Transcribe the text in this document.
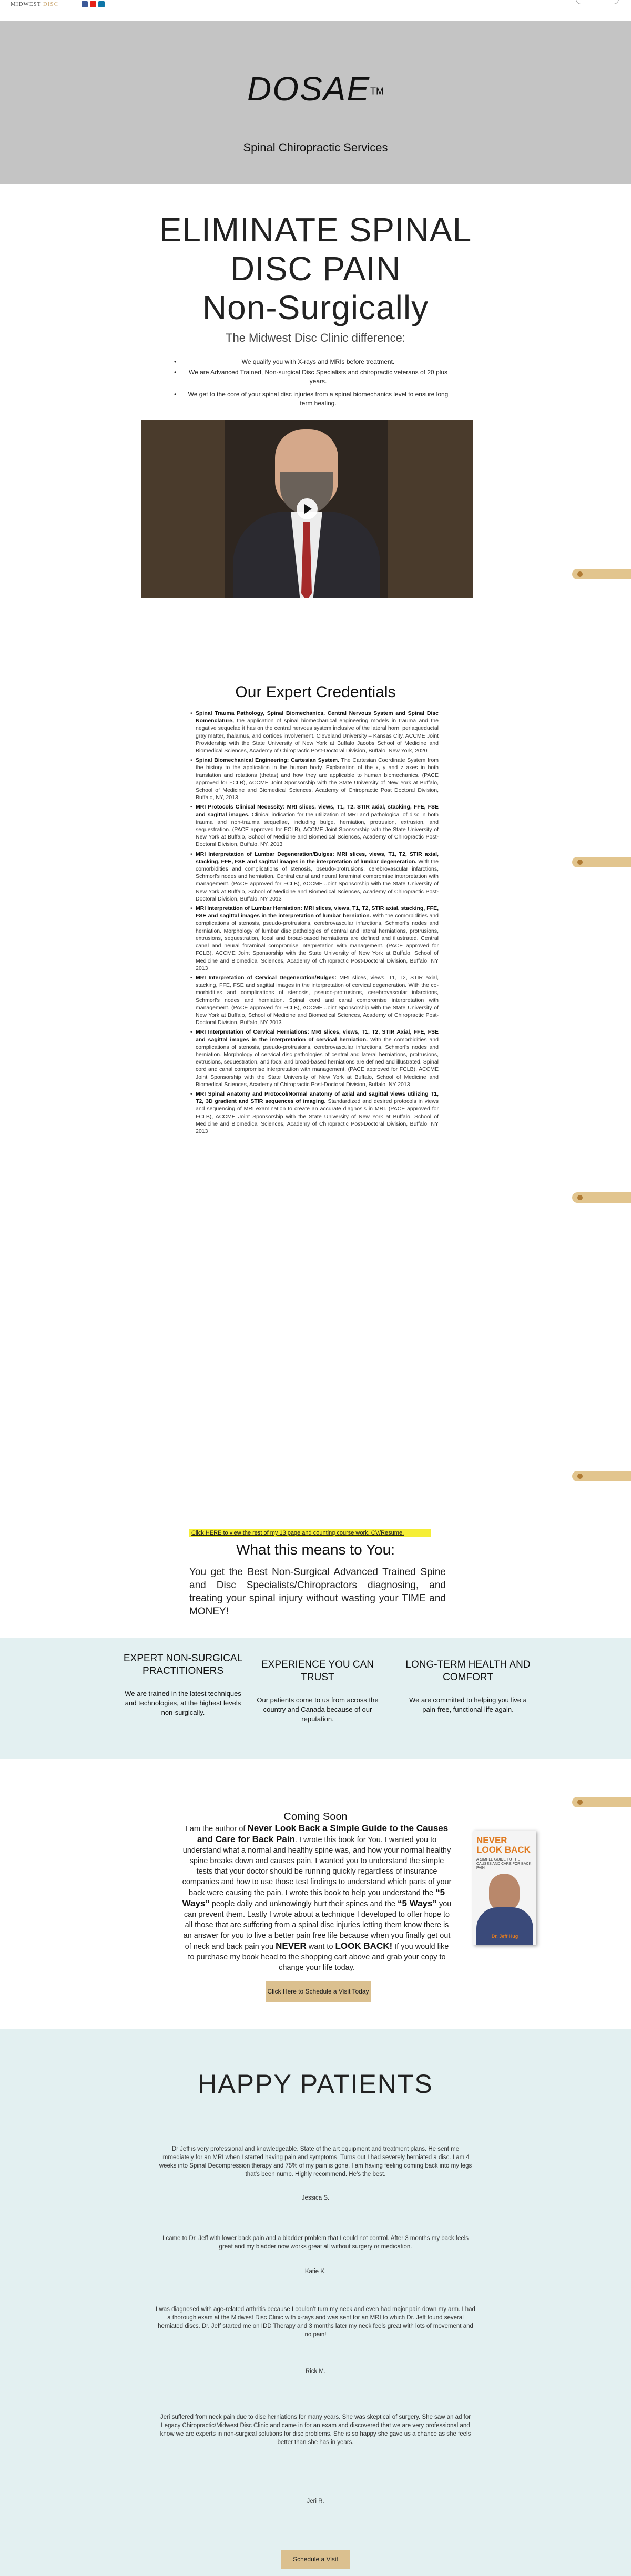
MIDWEST DISC
DOSAETM
Spinal Chiropractic Services
ELIMINATE SPINAL
DISC PAIN
Non-Surgically
The Midwest Disc Clinic difference:
• We qualify you with X-rays and MRIs before treatment.
• We are Advanced Trained, Non-surgical Disc Specialists and chiropractic veterans of 20 plus years.
• We get to the core of your spinal disc injuries from a spinal biomechanics level to ensure long term healing.
Our Expert Credentials
• Spinal Trauma Pathology, Spinal Biomechanics, Central Nervous System and Spinal Disc Nomenclature, the application of spinal biomechanical engineering models in trauma and the negative sequelae it has on the central nervous system inclusive of the lateral horn, periaqueductal gray matter, thalamus, and cortices involvement. Cleveland University – Kansas City, ACCME Joint Providership with the State University of New York at Buffalo Jacobs School of Medicine and Biomedical Sciences, Academy of Chiropractic Post-Doctoral Division, Buffalo, New York, 2020
• Spinal Biomechanical Engineering: Cartesian System. The Cartesian Coordinate System from the history to the application in the human body. Explanation of the x, y and z axes in both translation and rotations (thetas) and how they are applicable to human biomechanics. (PACE approved for FCLB), ACCME Joint Sponsorship with the State University of New York at Buffalo, School of Medicine and Biomedical Sciences, Academy of Chiropractic Post Doctoral Division, Buffalo, NY, 2013
• MRI Protocols Clinical Necessity: MRI slices, views, T1, T2, STIR axial, stacking, FFE, FSE and sagittal images. Clinical indication for the utilization of MRI and pathological of disc in both trauma and non-trauma sequellae, including bulge, herniation, protrusion, extrusion, and sequestration. (PACE approved for FCLB), ACCME Joint Sponsorship with the State University of New York at Buffalo, School of Medicine and Biomedical Sciences, Academy of Chiropractic Post-Doctoral Division, Buffalo, NY, 2013
• MRI Interpretation of Lumbar Degeneration/Bulges: MRI slices, views, T1, T2, STIR axial, stacking, FFE, FSE and sagittal images in the interpretation of lumbar degeneration. With the comorbidities and complications of stenosis, pseudo-protrusions, cerebrovascular infarctions, Schmorl’s nodes and herniation. Central canal and neural foraminal compromise interpretation with management. (PACE approved for FCLB), ACCME Joint Sponsorship with the State University of New York at Buffalo, School of Medicine and Biomedical Sciences, Academy of Chiropractic Post-Doctoral Division, Buffalo, NY 2013
• MRI Interpretation of Lumbar Herniation: MRI slices, views, T1, T2, STIR axial, stacking, FFE, FSE and sagittal images in the interpretation of lumbar herniation. With the comorbidities and complications of stenosis, pseudo-protrusions, cerebrovascular infarctions, Schmorl’s nodes and herniation. Morphology of lumbar disc pathologies of central and lateral herniations, protrusions, extrusions, sequestration, focal and broad-based herniations are defined and illustrated. Central canal and neural foraminal compromise interpretation with management. (PACE approved for FCLB), ACCME Joint Sponsorship with the State University of New York at Buffalo, School of Medicine and Biomedical Sciences, Academy of Chiropractic Post-Doctoral Division, Buffalo, NY 2013
• MRI Interpretation of Cervical Degeneration/Bulges: MRI slices, views, T1, T2, STIR axial, stacking, FFE, FSE and sagittal images in the interpretation of cervical degeneration. With the co-morbidities and complications of stenosis, pseudo-protrusions, cerebrovascular infarctions, Schmorl’s nodes and herniation. Spinal cord and canal compromise interpretation with management. (PACE approved for FCLB), ACCME Joint Sponsorship with the State University of New York at Buffalo, School of Medicine and Biomedical Sciences, Academy of Chiropractic Post-Doctoral Division, Buffalo, NY 2013
• MRI Interpretation of Cervical Herniations: MRI slices, views, T1, T2, STIR Axial, FFE, FSE and sagittal images in the interpretation of cervical herniation. With the comorbidities and complications of stenosis, pseudo-protrusions, cerebrovascular infarctions, Schmorl’s nodes and herniation. Morphology of cervical disc pathologies of central and lateral herniations, protrusions, extrusions, sequestration, and focal and broad-based herniations are defined and illustrated. Spinal cord and canal compromise interpretation with management. (PACE approved for FCLB), ACCME Joint Sponsorship with the State University of New York at Buffalo, School of Medicine and Biomedical Sciences, Academy of Chiropractic Post-Doctoral Division, Buffalo, NY 2013
• MRI Spinal Anatomy and Protocol/Normal anatomy of axial and sagittal views utilizing T1, T2, 3D gradient and STIR sequences of imaging. Standardized and desired protocols in views and sequencing of MRI examination to create an accurate diagnosis in MRI. (PACE approved for FCLB), ACCME Joint Sponsorship with the State University of New York at Buffalo, School of Medicine and Biomedical Sciences, Academy of Chiropractic Post-Doctoral Division, Buffalo, NY 2013
Click HERE to view the rest of my 13 page and counting course work. CV/Resume.
What this means to You:
You get the Best Non-Surgical Advanced Trained Spine and Disc Specialists/Chiropractors diagnosing, and treating your spinal injury without wasting your TIME and MONEY!
EXPERT NON-SURGICAL PRACTITIONERS
We are trained in the latest techniques and technologies, at the highest levels non-surgically.
EXPERIENCE YOU CAN TRUST
Our patients come to us from across the country and Canada because of our reputation.
LONG-TERM HEALTH AND COMFORT
We are committed to helping you live a pain-free, functional life again.
Coming Soon
I am the author of Never Look Back a Simple Guide to the Causes and Care for Back Pain. I wrote this book for You. I wanted you to understand what a normal and healthy spine was, and how your normal healthy spine breaks down and causes pain. I wanted you to understand the simple tests that your doctor should be running quickly regardless of insurance companies and how to use those test findings to understand which parts of your back were causing the pain. I wrote this book to help you understand the “5 Ways” people daily and unknowingly hurt their spines and the “5 Ways” you can prevent them. Lastly I wrote about a technique I developed to offer hope to all those that are suffering from a spinal disc injuries letting them know there is an answer for you to live a better pain free life because when you finally get out of neck and back pain you NEVER want to LOOK BACK! If you would like to purchase my book head to the shopping cart above and grab your copy to change your life today.
NEVER LOOK BACK
A SIMPLE GUIDE TO THE CAUSES AND CARE FOR BACK PAIN
Dr. Jeff Hug
Click Here to Schedule a Visit Today
HAPPY PATIENTS
Dr Jeff is very professional and knowledgeable. State of the art equipment and treatment plans. He sent me immediately for an MRI when I started having pain and symptoms. Turns out I had severely herniated a disc. I am 4 weeks into Spinal Decompression therapy and 75% of my pain is gone. I am having feeling coming back into my legs that’s been numb. Highly recommend. He’s the best.
Jessica S.
I came to Dr. Jeff with lower back pain and a bladder problem that I could not control. After 3 months my back feels great and my bladder now works great all without surgery or medication.
Katie K.
I was diagnosed with age-related arthritis because I couldn’t turn my neck and even had major pain down my arm. I had a thorough exam at the Midwest Disc Clinic with x-rays and was sent for an MRI to which Dr. Jeff found several herniated discs. Dr. Jeff started me on IDD Therapy and 3 months later my neck feels great with lots of movement and no pain!
Rick M.
Jeri suffered from neck pain due to disc herniations for many years. She was skeptical of surgery. She saw an ad for Legacy Chiropractic/Midwest Disc Clinic and came in for an exam and discovered that we are very professional and know we are experts in non-surgical solutions for disc problems. She is so happy she gave us a chance as she feels better than she has in years.
Jeri R.
Schedule a Visit
